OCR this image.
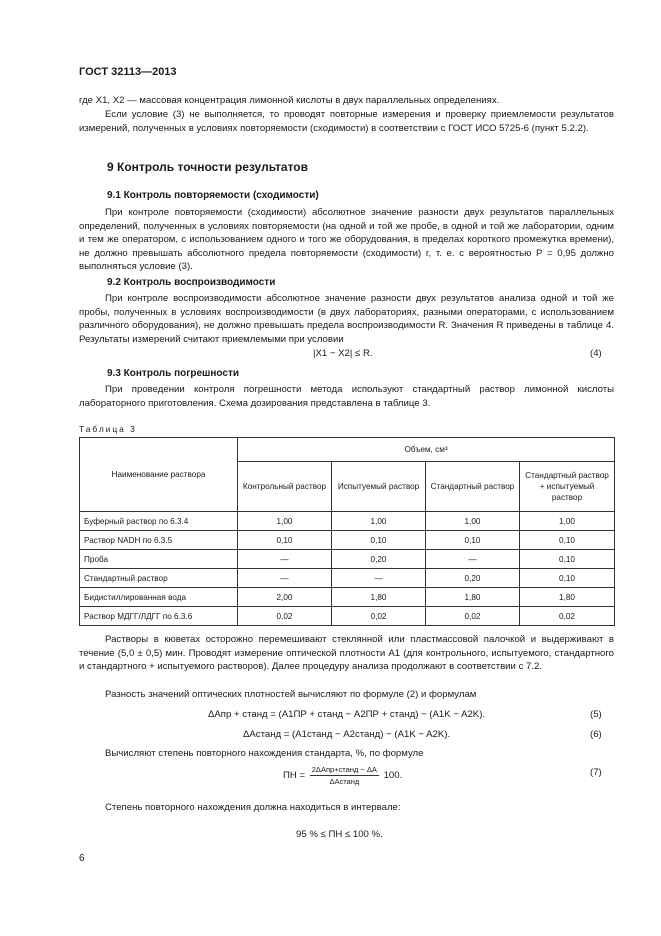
ГОСТ 32113—2013

где X1, X2 — массовая концентрация лимонной кислоты в двух параллельных определениях.

Если условие (3) не выполняется, то проводят повторные измерения и проверку приемлемости результатов измерений, полученных в условиях повторяемости (сходимости) в соответствии с ГОСТ ИСО 5725-6 (пункт 5.2.2).

9 Контроль точности результатов
9.1 Контроль повторяемости (сходимости)

При контроле повторяемости (сходимости) абсолютное значение разности двух результатов параллельных определений, полученных в условиях повторяемости (на одной и той же пробе, в одной и той же лаборатории, одним и тем же оператором, с использованием одного и того же оборудования, в пределах короткого промежутка времени), не должно превышать абсолютного предела повторяемости (сходимости) r, т. е. с вероятностью P = 0,95 должно выполняться условие (3).

9.2 Контроль воспроизводимости

При контроле воспроизводимости абсолютное значение разности двух результатов анализа одной и той же пробы, полученных в условиях воспроизводимости (в двух лабораториях, разными операторами, с использованием различного оборудования), не должно превышать предела воспроизводимости R. Значения R приведены в таблице 4. Результаты измерений считают приемлемыми при условии

|X1 − X2| ≤ R.	(4)
9.3 Контроль погрешности

При проведении контроля погрешности метода используют стандартный раствор лимонной кислоты лабораторного приготовления. Схема дозирования представлена в таблице 3.

Таблица 3
Наименование раствора	Объем, см³			
	Контрольный раствор	Испытуемый раствор	Стандартный раствор	Стандартный раствор + испытуемый раствор
Буферный раствор по 6.3.4	1,00	1,00	1,00	1,00
Раствор NADH по 6.3.5	0,10	0,10	0,10	0,10
Проба	—	0,20	—	0,10
Стандартный раствор	—	—	0,20	0,10
Бидистиллированная вода	2,00	1,80	1,80	1,80
Раствор МДГГ/ЛДГГ по 6.3.6	0,02	0,02	0,02	0,02

Растворы в кюветах осторожно перемешивают стеклянной или пластмассовой палочкой и выдерживают в течение (5,0 ± 0,5) мин. Проводят измерение оптической плотности A1 (для контрольного, испытуемого, стандартного и стандартного + испытуемого растворов). Далее процедуру анализа продолжают в соответствии с 7.2.

Разность значений оптических плотностей вычисляют по формуле (2) и формулам

ΔAпр + станд = (A1ПР + станд − A2ПР + станд) − (A1K − A2K).	(5)
ΔAстанд = (A1станд − A2станд) − (A1K − A2K).	(6)

Вычисляют степень повторного нахождения стандарта, %, по формуле

ПН = $\frac{\text{2ΔAпр+станд − ΔA}}{\text{ΔAстанд}} 100$.	(7)

Степень повторного нахождения должна находиться в интервале:

95 % ≤ ПН ≤ 100 %.
6
